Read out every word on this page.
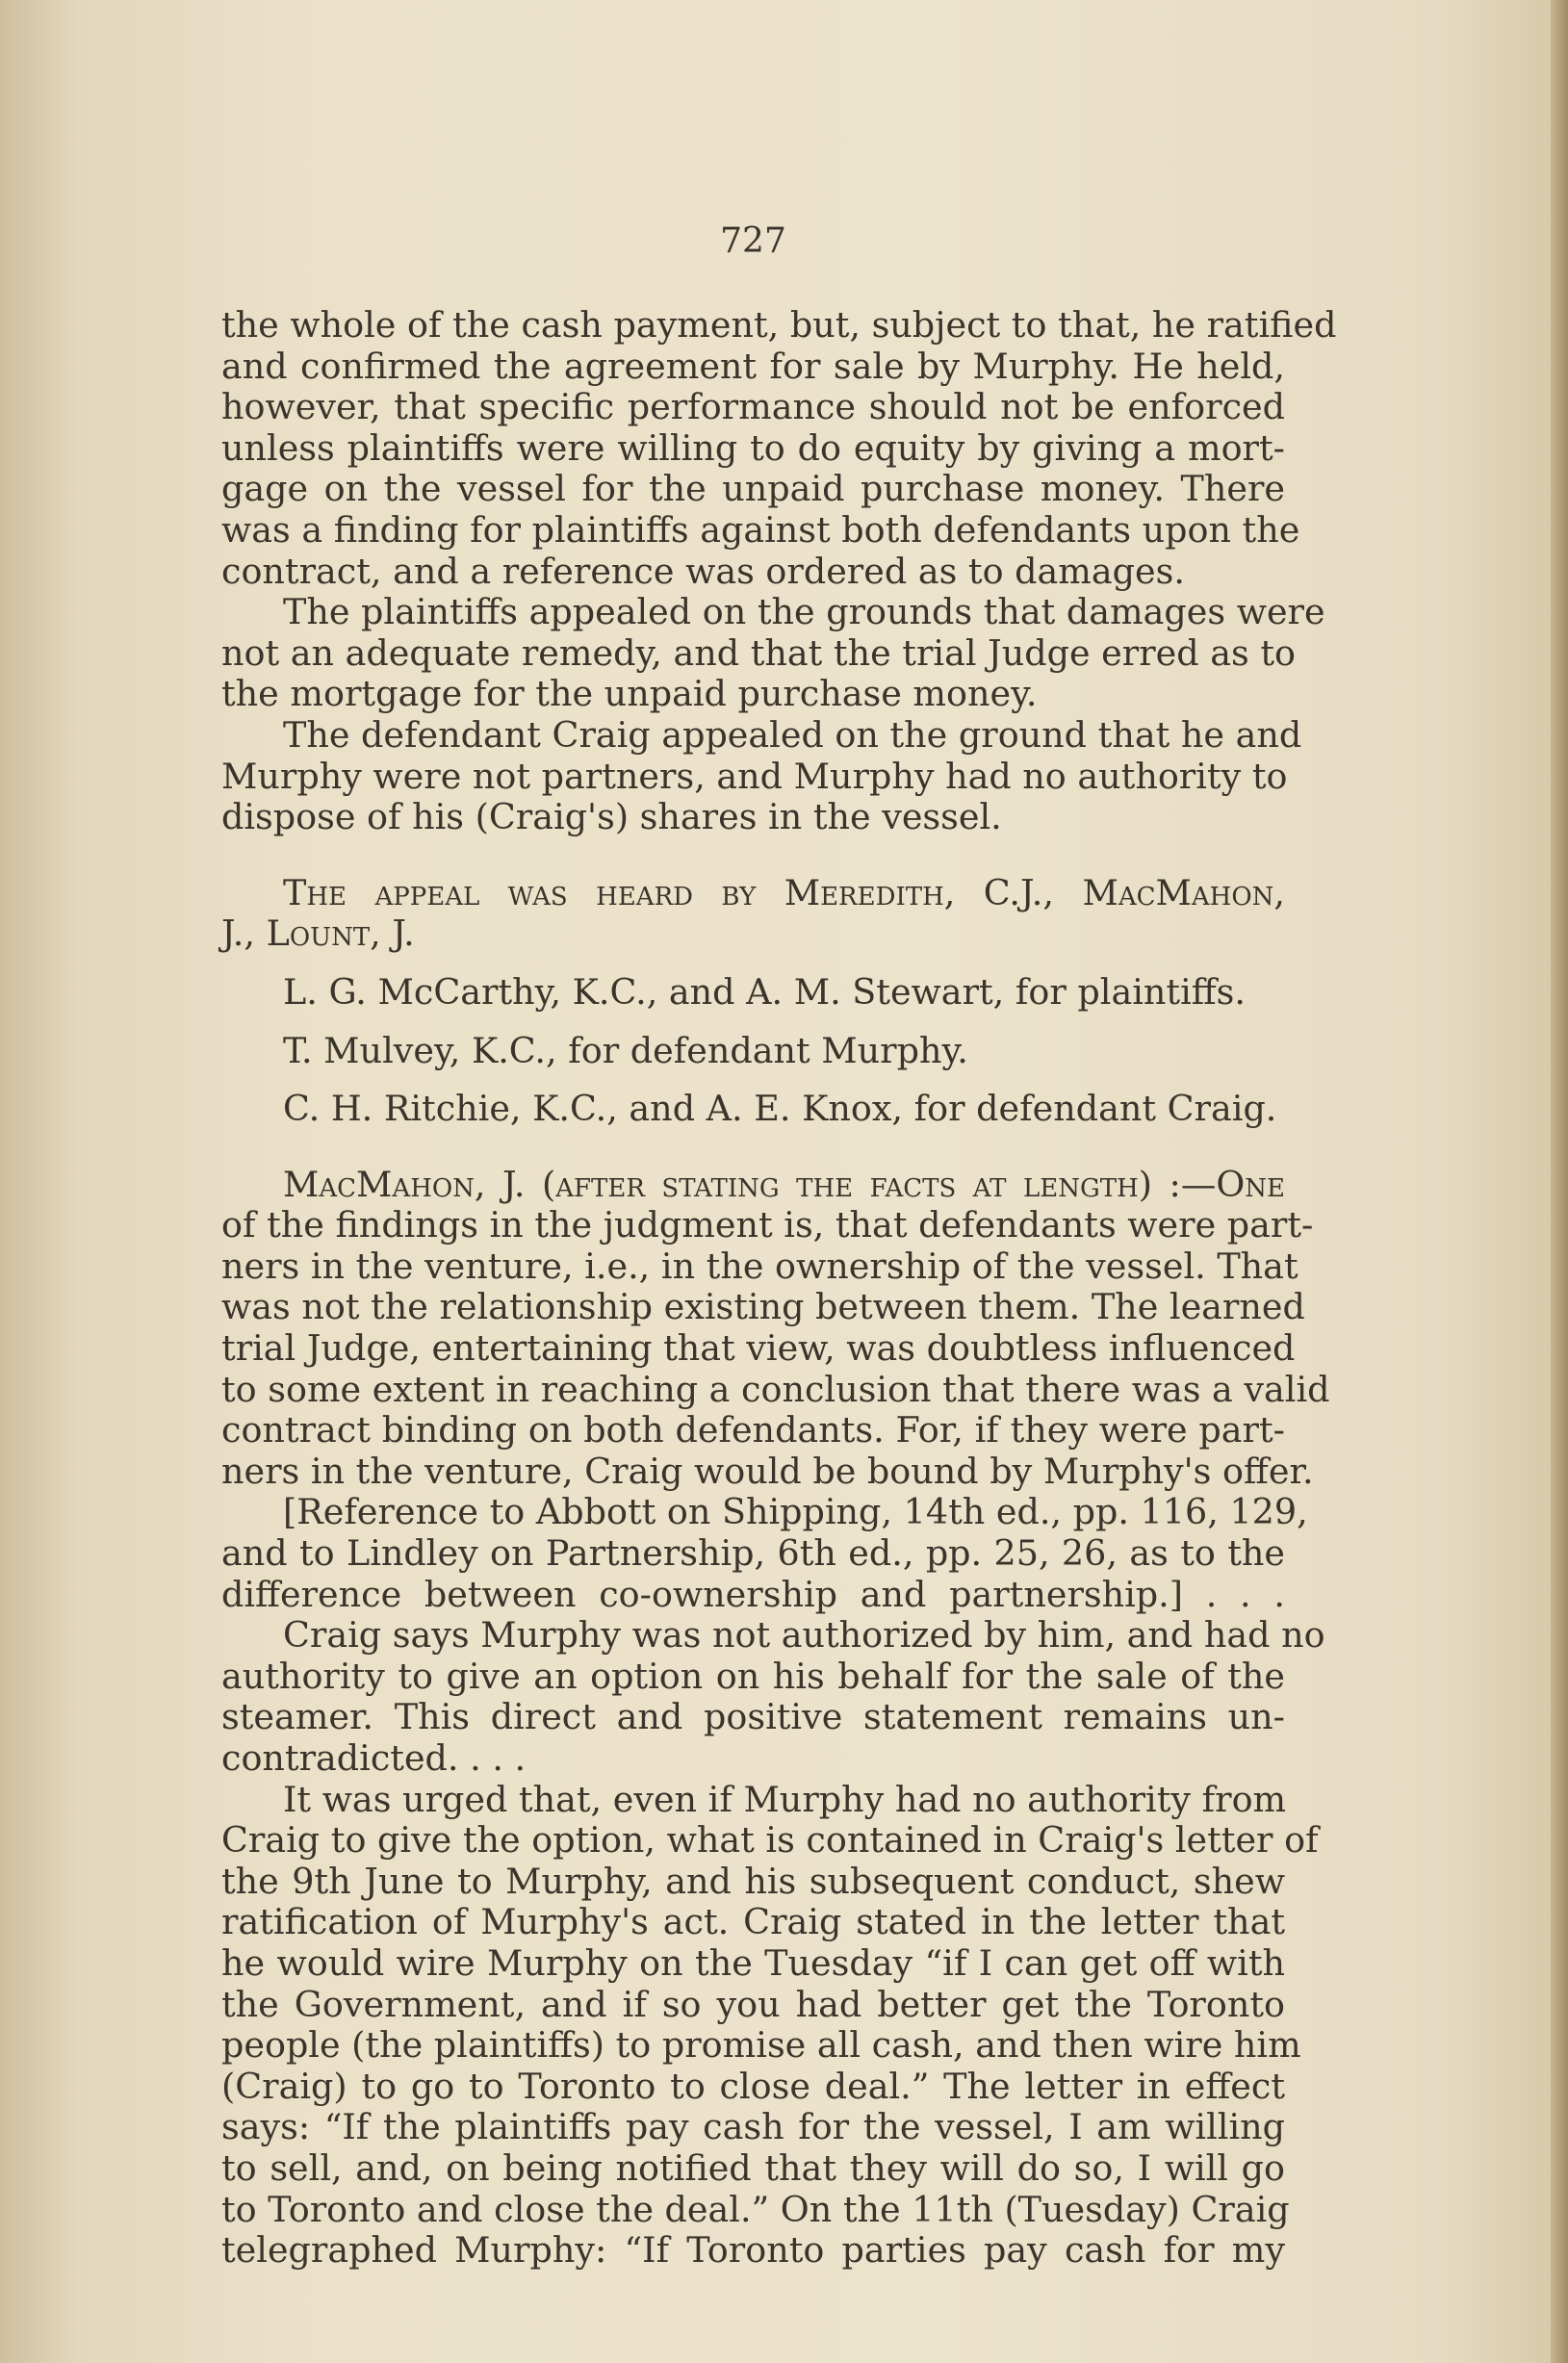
727
the whole of the cash payment, but, subject to that, he ratified
and confirmed the agreement for sale by Murphy. He held,
however, that specific performance should not be enforced
unless plaintiffs were willing to do equity by giving a mort-
gage on the vessel for the unpaid purchase money. There
was a finding for plaintiffs against both defendants upon the
contract, and a reference was ordered as to damages.
The plaintiffs appealed on the grounds that damages were
not an adequate remedy, and that the trial Judge erred as to
the mortgage for the unpaid purchase money.
The defendant Craig appealed on the ground that he and
Murphy were not partners, and Murphy had no authority to
dispose of his (Craig's) shares in the vessel.
The appeal was heard by Meredith, C.J., MacMahon,
J., Lount, J.
L. G. McCarthy, K.C., and A. M. Stewart, for plaintiffs.
T. Mulvey, K.C., for defendant Murphy.
C. H. Ritchie, K.C., and A. E. Knox, for defendant Craig.
MacMahon, J. (after stating the facts at length) :—One
of the findings in the judgment is, that defendants were part-
ners in the venture, i.e., in the ownership of the vessel. That
was not the relationship existing between them. The learned
trial Judge, entertaining that view, was doubtless influenced
to some extent in reaching a conclusion that there was a valid
contract binding on both defendants. For, if they were part-
ners in the venture, Craig would be bound by Murphy's offer.
[Reference to Abbott on Shipping, 14th ed., pp. 116, 129,
and to Lindley on Partnership, 6th ed., pp. 25, 26, as to the
difference between co-ownership and partnership.] . . .
Craig says Murphy was not authorized by him, and had no
authority to give an option on his behalf for the sale of the
steamer. This direct and positive statement remains un-
contradicted. . . .
It was urged that, even if Murphy had no authority from
Craig to give the option, what is contained in Craig's letter of
the 9th June to Murphy, and his subsequent conduct, shew
ratification of Murphy's act. Craig stated in the letter that
he would wire Murphy on the Tuesday “if I can get off with
the Government, and if so you had better get the Toronto
people (the plaintiffs) to promise all cash, and then wire him
(Craig) to go to Toronto to close deal.” The letter in effect
says: “If the plaintiffs pay cash for the vessel, I am willing
to sell, and, on being notified that they will do so, I will go
to Toronto and close the deal.” On the 11th (Tuesday) Craig
telegraphed Murphy: “If Toronto parties pay cash for my
